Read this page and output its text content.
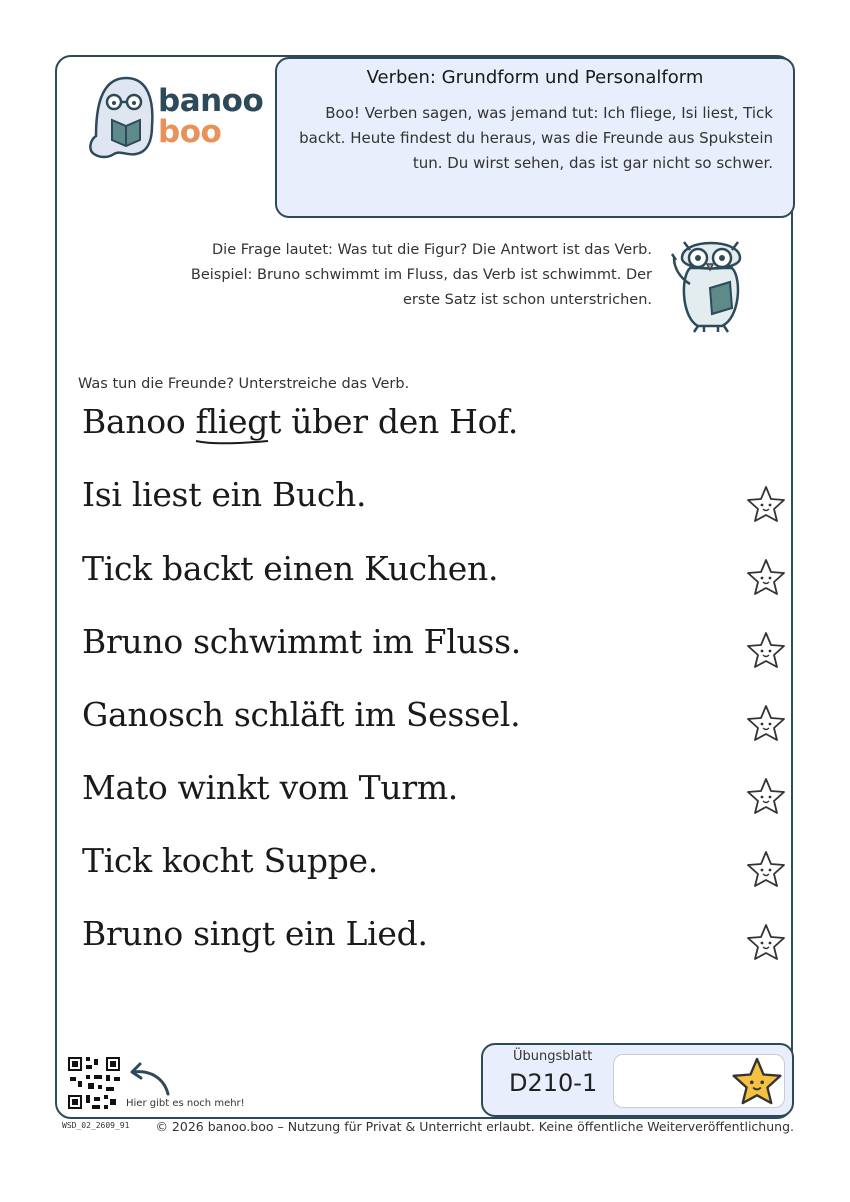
banoo
boo
Verben: Grundform und Personalform
Boo! Verben sagen, was jemand tut: Ich fliege, Isi liest, Tick backt. Heute findest du heraus, was die Freunde aus Spukstein tun. Du wirst sehen, das ist gar nicht so schwer.
Die Frage lautet: Was tut die Figur? Die Antwort ist das Verb.
Beispiel: Bruno schwimmt im Fluss, das Verb ist schwimmt. Der
erste Satz ist schon unterstrichen.
Was tun die Freunde? Unterstreiche das Verb.
Banoo fliegt
über den Hof.
Isi liest ein Buch.
Tick backt einen Kuchen.
Bruno schwimmt im Fluss.
Ganosch schläft im Sessel.
Mato winkt vom Turm.
Tick kocht Suppe.
Bruno singt ein Lied.
Hier gibt es noch mehr!
WSD_02_2609_91 © 2026 banoo.boo – Nutzung für Privat & Unterricht erlaubt. Keine öffentliche Weiterveröffentlichung.
Übungsblatt
D210-1
